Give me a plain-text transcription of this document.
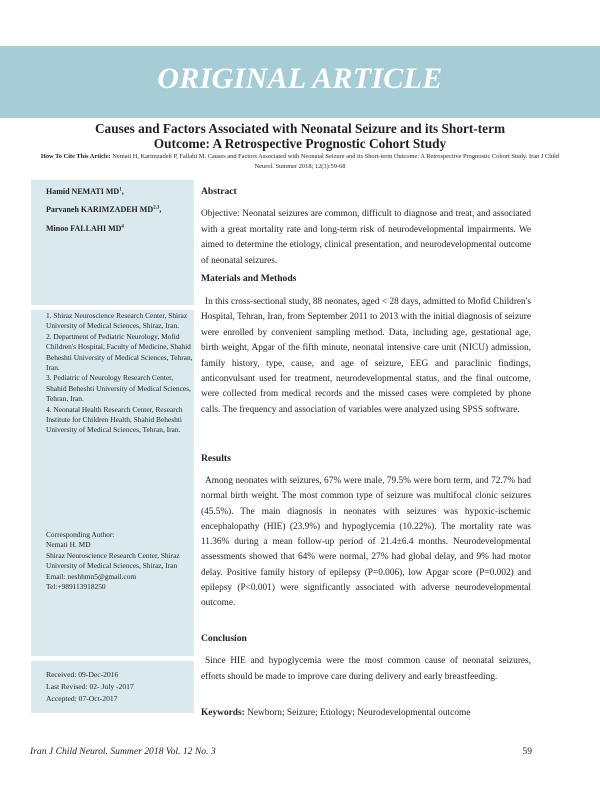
ORIGINAL ARTICLE
Causes and Factors Associated with Neonatal Seizure and its Short-term
Outcome: A Retrospective Prognostic Cohort Study
How To Cite This Article: Nemati H, Karimzadeh P, Fallahi M. Causes and Factors Associated with Neonatal Seizure and its Short-term Outcome: A Retrospective Prognostic Cohort Study. Iran J Child Neurol. Summer 2018; 12(3):59-68
Hamid NEMATI $MD^1$,
Parvaneh KARIMZADEH MD$^{2,3}$,
Minoo FALLAHI $MD^4$
1. Shiraz Neuroscience Research Center, Shiraz University of Medical Sciences, Shiraz, Iran.
2. Department of Pediatric Neurology, Mofid Children's Hospital, Faculty of Medicine, Shahid Beheshti University of Medical Sciences, Tehran, Iran.
3. Pediatric of Neurology Research Center, Shahid Beheshti University of Medical Sciences, Tehran, Iran.
4. Neonatal Health Research Center, Research Institute for Children Health, Shahid Beheshti University of Medical Sciences, Tehran, Iran.
Corresponding Author:
Nemati H. MD
Shiraz Neuroscience Research Center, Shiraz University of Medical Sciences, Shiraz, Iran
Email: neshhmn5@gmail.com
Tel:+989113918250
Received: 09-Dec-2016
Last Revised: 02- July -2017
Accepted: 07-Oct-2017
Abstract

Objective: Neonatal seizures are common, difficult to diagnose and treat, and associated with a great mortality rate and long-term risk of neurodevelopmental impairments. We aimed to determine the etiology, clinical presentation, and neurodevelopmental outcome of neonatal seizures.

Materials and Methods

In this cross-sectional study, 88 neonates, aged < 28 days, admitted to Mofid Children's Hospital, Tehran, Iran, from September 2011 to 2013 with the initial diagnosis of seizure were enrolled by convenient sampling method. Data, including age, gestational age, birth weight, Apgar of the fifth minute, neonatal intensive care unit (NICU) admission, family history, type, cause, and age of seizure, EEG and paraclinic findings, anticonvulsant used for treatment, neurodevelopmental status, and the final outcome, were collected from medical records and the missed cases were completed by phone calls. The frequency and association of variables were analyzed using SPSS software.

Results

Among neonates with seizures, 67% were male, 79.5% were born term, and 72.7% had normal birth weight. The most common type of seizure was multifocal clonic seizures (45.5%). The main diagnosis in neonates with seizures was hypoxic-ischemic encephalopathy (HIE) (23.9%) and hypoglycemia (10.22%). The mortality rate was 11.36% during a mean follow-up period of 21.4±6.4 months. Neurodevelopmental assessments showed that 64% were normal, 27% had global delay, and 9% had motor delay. Positive family history of epilepsy (P=0.006), low Apgar score (P=0.002) and epilepsy (P<0.001) were significantly associated with adverse neurodevelopmental outcome.

Conclusion

Since HIE and hypoglycemia were the most common cause of neonatal seizures, efforts should be made to improve care during delivery and early breastfeeding.

Keywords: Newborn; Seizure; Etiology; Neurodevelopmental outcome
Iran J Child Neurol. Summer 2018 Vol. 12 No. 3	59
